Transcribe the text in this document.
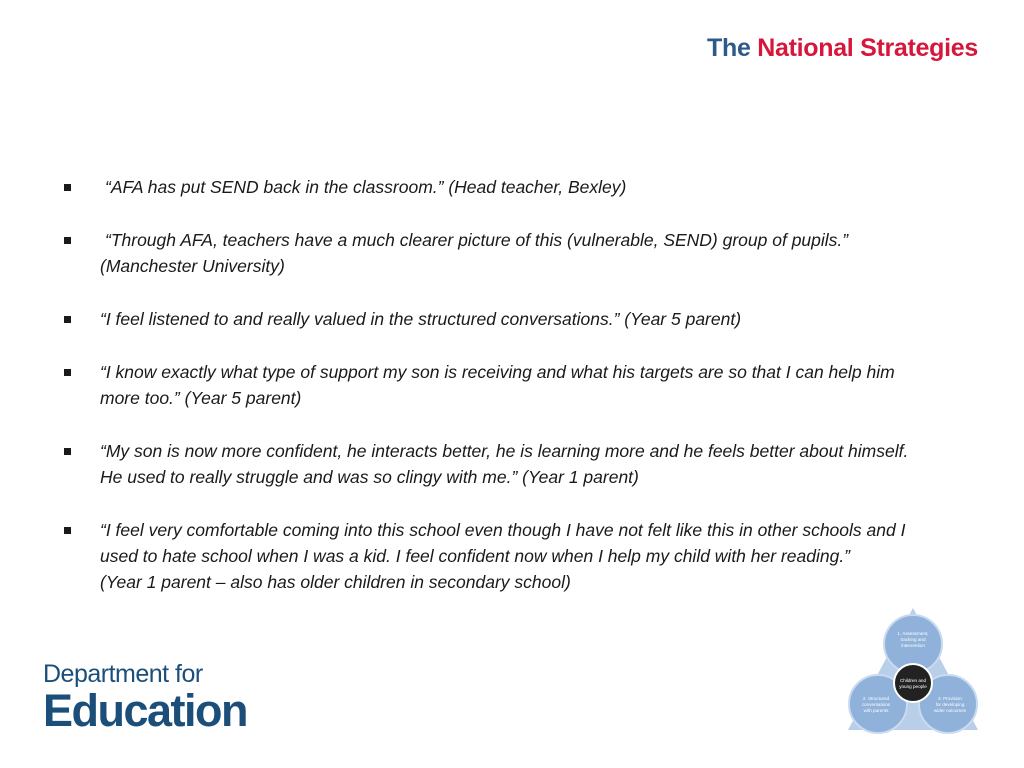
The National Strategies
“AFA has put SEND back in the classroom.” (Head teacher, Bexley)
“Through AFA, teachers have a much clearer picture of this (vulnerable, SEND) group of pupils.”
(Manchester University)
“I feel listened to and really valued in the structured conversations.” (Year 5 parent)
“I know exactly what type of support my son is receiving and what his targets are so that I can help him
more too.” (Year 5 parent)
“My son is now more confident, he interacts better, he is learning more and he feels better about himself.
He used to really struggle and was so clingy with me.” (Year 1 parent)
“I feel very comfortable coming into this school even though I have not felt like this in other schools and I
used to hate school when I was a kid. I feel confident now when I help my child with her reading.”
(Year 1 parent – also has older children in secondary school)
Department for
Education
1. Assessment,
tracking and
intervention
2. Structured
conversations
with parents
3. Provision
for developing
wider outcomes
Children and
young people
